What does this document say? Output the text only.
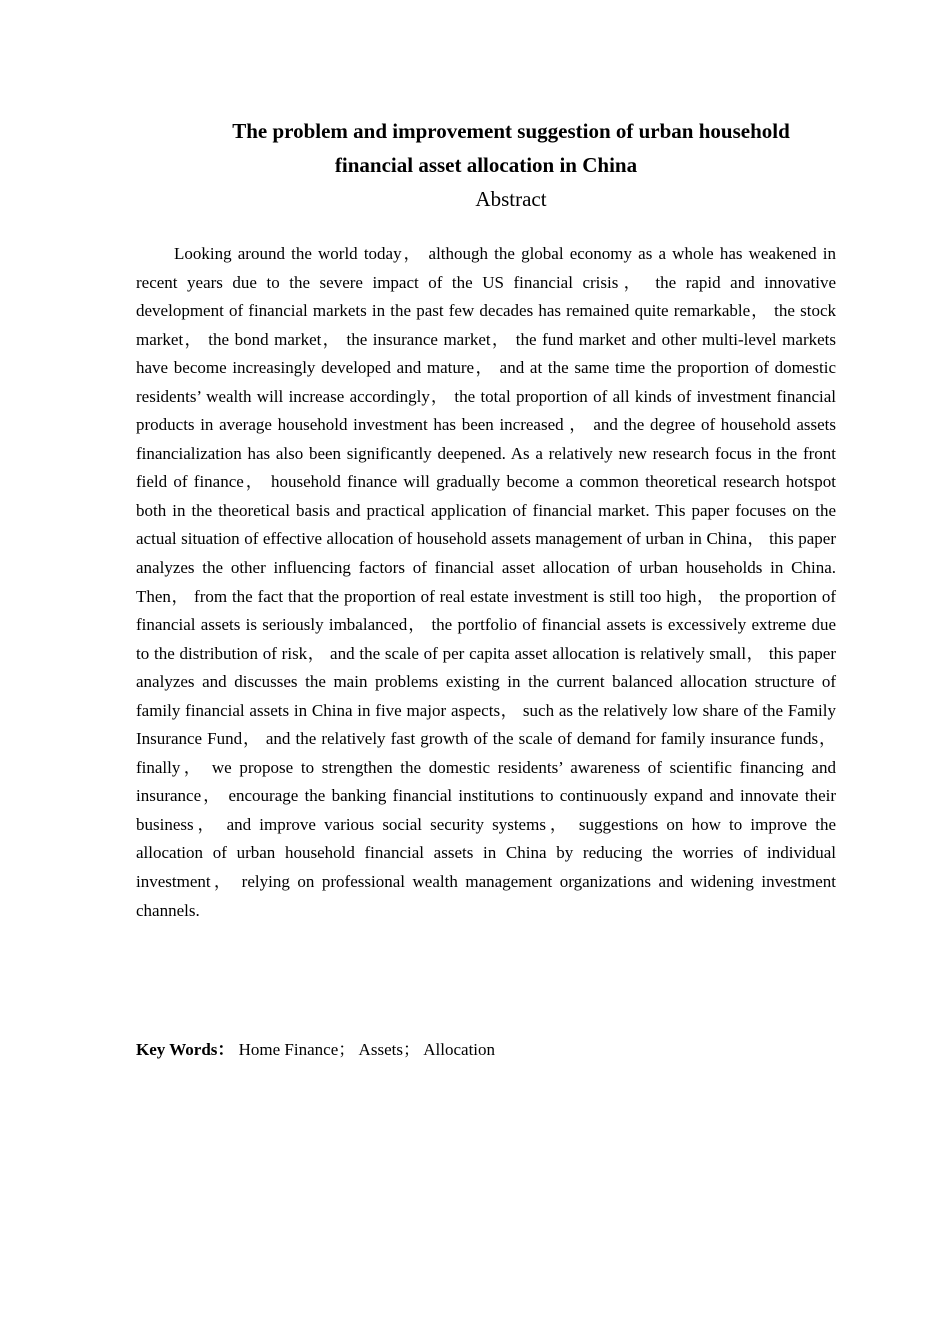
The problem and improvement suggestion of urban household
financial asset allocation in China
Abstract

Looking around the world today， although the global economy as a whole has weakened in recent years due to the severe impact of the US financial crisis， the rapid and innovative development of financial markets in the past few decades has remained quite remarkable， the stock market， the bond market， the insurance market， the fund market and other multi-level markets have become increasingly developed and mature， and at the same time the proportion of domestic residents’ wealth will increase accordingly， the total proportion of all kinds of investment financial products in average household investment has been increased ， and the degree of household assets financialization has also been significantly deepened. As a relatively new research focus in the front field of finance， household finance will gradually become a common theoretical research hotspot both in the theoretical basis and practical application of financial market. This paper focuses on the actual situation of effective allocation of household assets management of urban in China， this paper analyzes the other influencing factors of financial asset allocation of urban households in China. Then， from the fact that the proportion of real estate investment is still too high， the proportion of financial assets is seriously imbalanced， the portfolio of financial assets is excessively extreme due to the distribution of risk， and the scale of per capita asset allocation is relatively small， this paper analyzes and discusses the main problems existing in the current balanced allocation structure of family financial assets in China in five major aspects， such as the relatively low share of the Family Insurance Fund， and the relatively fast growth of the scale of demand for family insurance funds， finally， we propose to strengthen the domestic residents’ awareness of scientific financing and insurance， encourage the banking financial institutions to continuously expand and innovate their business， and improve various social security systems， suggestions on how to improve the allocation of urban household financial assets in China by reducing the worries of individual investment， relying on professional wealth management organizations and widening investment channels.

Key Words： Home Finance； Assets； Allocation
